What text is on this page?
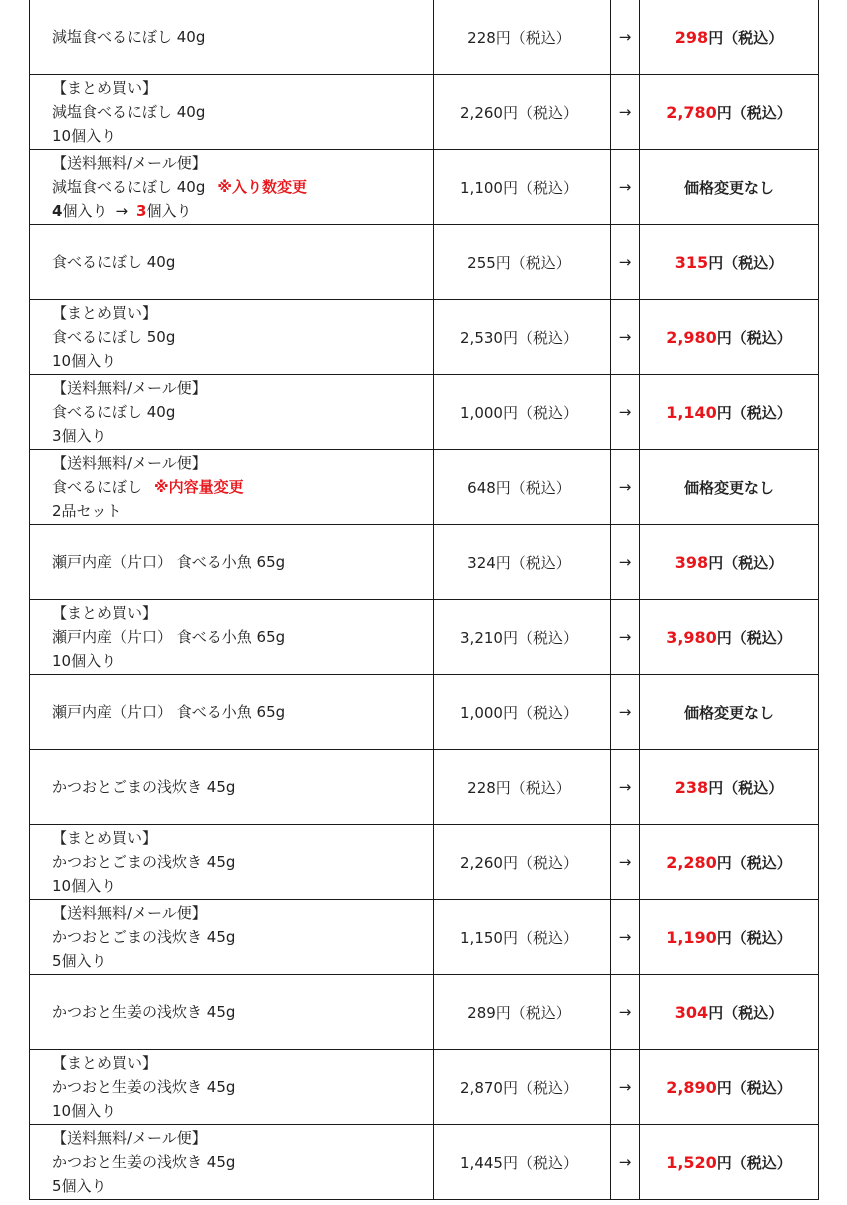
減塩食べるにぼし 40g	228円（税込）	→	298 円（税込）
【まとめ買い】
減塩食べるにぼし 40g
10個入り
2,260円（税込）	→	2,780 円（税込）
【送料無料/メール便】
減塩食べるにぼし 40g ※入り数変更
4個入り → 3個入り
1,100円（税込）	→	価格変更なし
食べるにぼし 40g	255円（税込）	→	315 円（税込）
【まとめ買い】
食べるにぼし 50g
10個入り
2,530円（税込）	→	2,980 円（税込）
【送料無料/メール便】
食べるにぼし 40g
3個入り
1,000円（税込）	→	1,140 円（税込）
【送料無料/メール便】
食べるにぼし ※内容量変更
2品セット
648円（税込）	→	価格変更なし
瀬戸内産（片口） 食べる小魚 65g	324円（税込）	→	398 円（税込）
【まとめ買い】
瀬戸内産（片口） 食べる小魚 65g
10個入り
3,210円（税込）	→	3,980 円（税込）
瀬戸内産（片口） 食べる小魚 65g	1,000円（税込）	→	価格変更なし
かつおとごまの浅炊き 45g	228円（税込）	→	238 円（税込）
【まとめ買い】
かつおとごまの浅炊き 45g
10個入り
2,260円（税込）	→	2,280 円（税込）
【送料無料/メール便】
かつおとごまの浅炊き 45g
5個入り
1,150円（税込）	→	1,190 円（税込）
かつおと生姜の浅炊き 45g	289円（税込）	→	304 円（税込）
【まとめ買い】
かつおと生姜の浅炊き 45g
10個入り
2,870円（税込）	→	2,890 円（税込）
【送料無料/メール便】
かつおと生姜の浅炊き 45g
5個入り
1,445円（税込）	→	1,520 円（税込）
